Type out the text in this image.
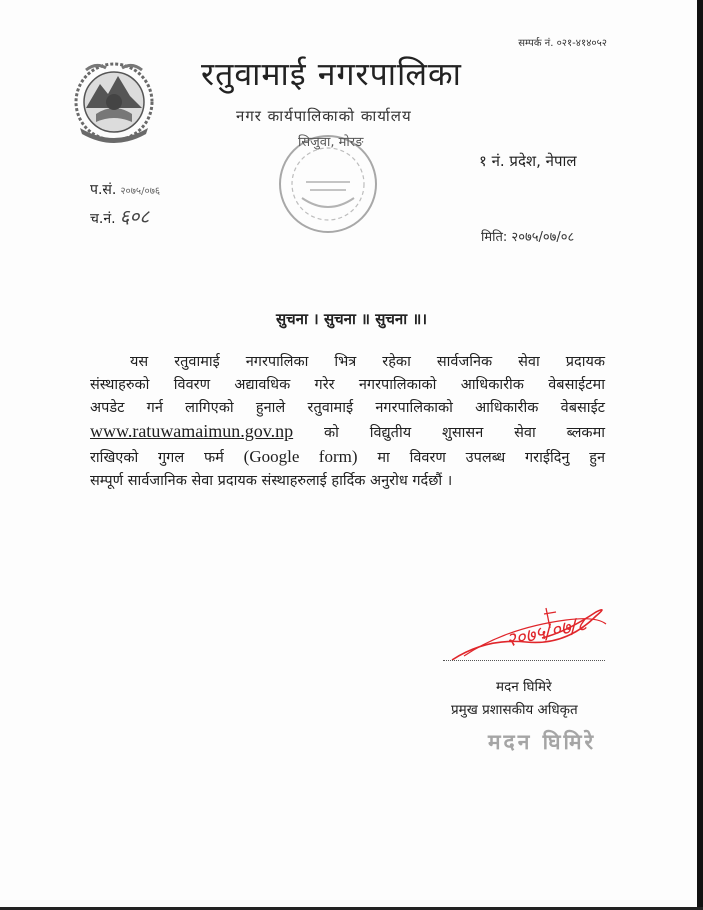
सम्पर्क नं. ०२१-४१४०५२
रतुवामाई नगरपालिका
नगर कार्यपालिकाको कार्यालय
सिजुवा, मोरङ
१ नं. प्रदेश, नेपाल
प.सं. २०७५/०७६
च.नं. ६०८
मिति: २०७५/०७/०८
सुचना । सुचना ॥ सुचना ॥।
यस रतुवामाई नगरपालिका भित्र रहेका सार्वजनिक सेवा प्रदायक
संस्थाहरुको विवरण अद्यावधिक गरेर नगरपालिकाको आधिकारीक वेबसाईटमा
अपडेट गर्न लागिएको हुनाले रतुवामाई नगरपालिकाको आधिकारीक वेबसाईट
www.ratuwamaimun.gov.np को विद्युतीय शुसासन सेवा ब्लकमा
राखिएको गुगल फर्म (Google form) मा विवरण उपलब्ध गराईदिनु हुन
सम्पूर्ण सार्वजानिक सेवा प्रदायक संस्थाहरुलाई हार्दिक अनुरोध गर्दछौं ।
२०७५/०७/८
मदन घिमिरे
प्रमुख प्रशासकीय अधिकृत
मदन घिमिरे
